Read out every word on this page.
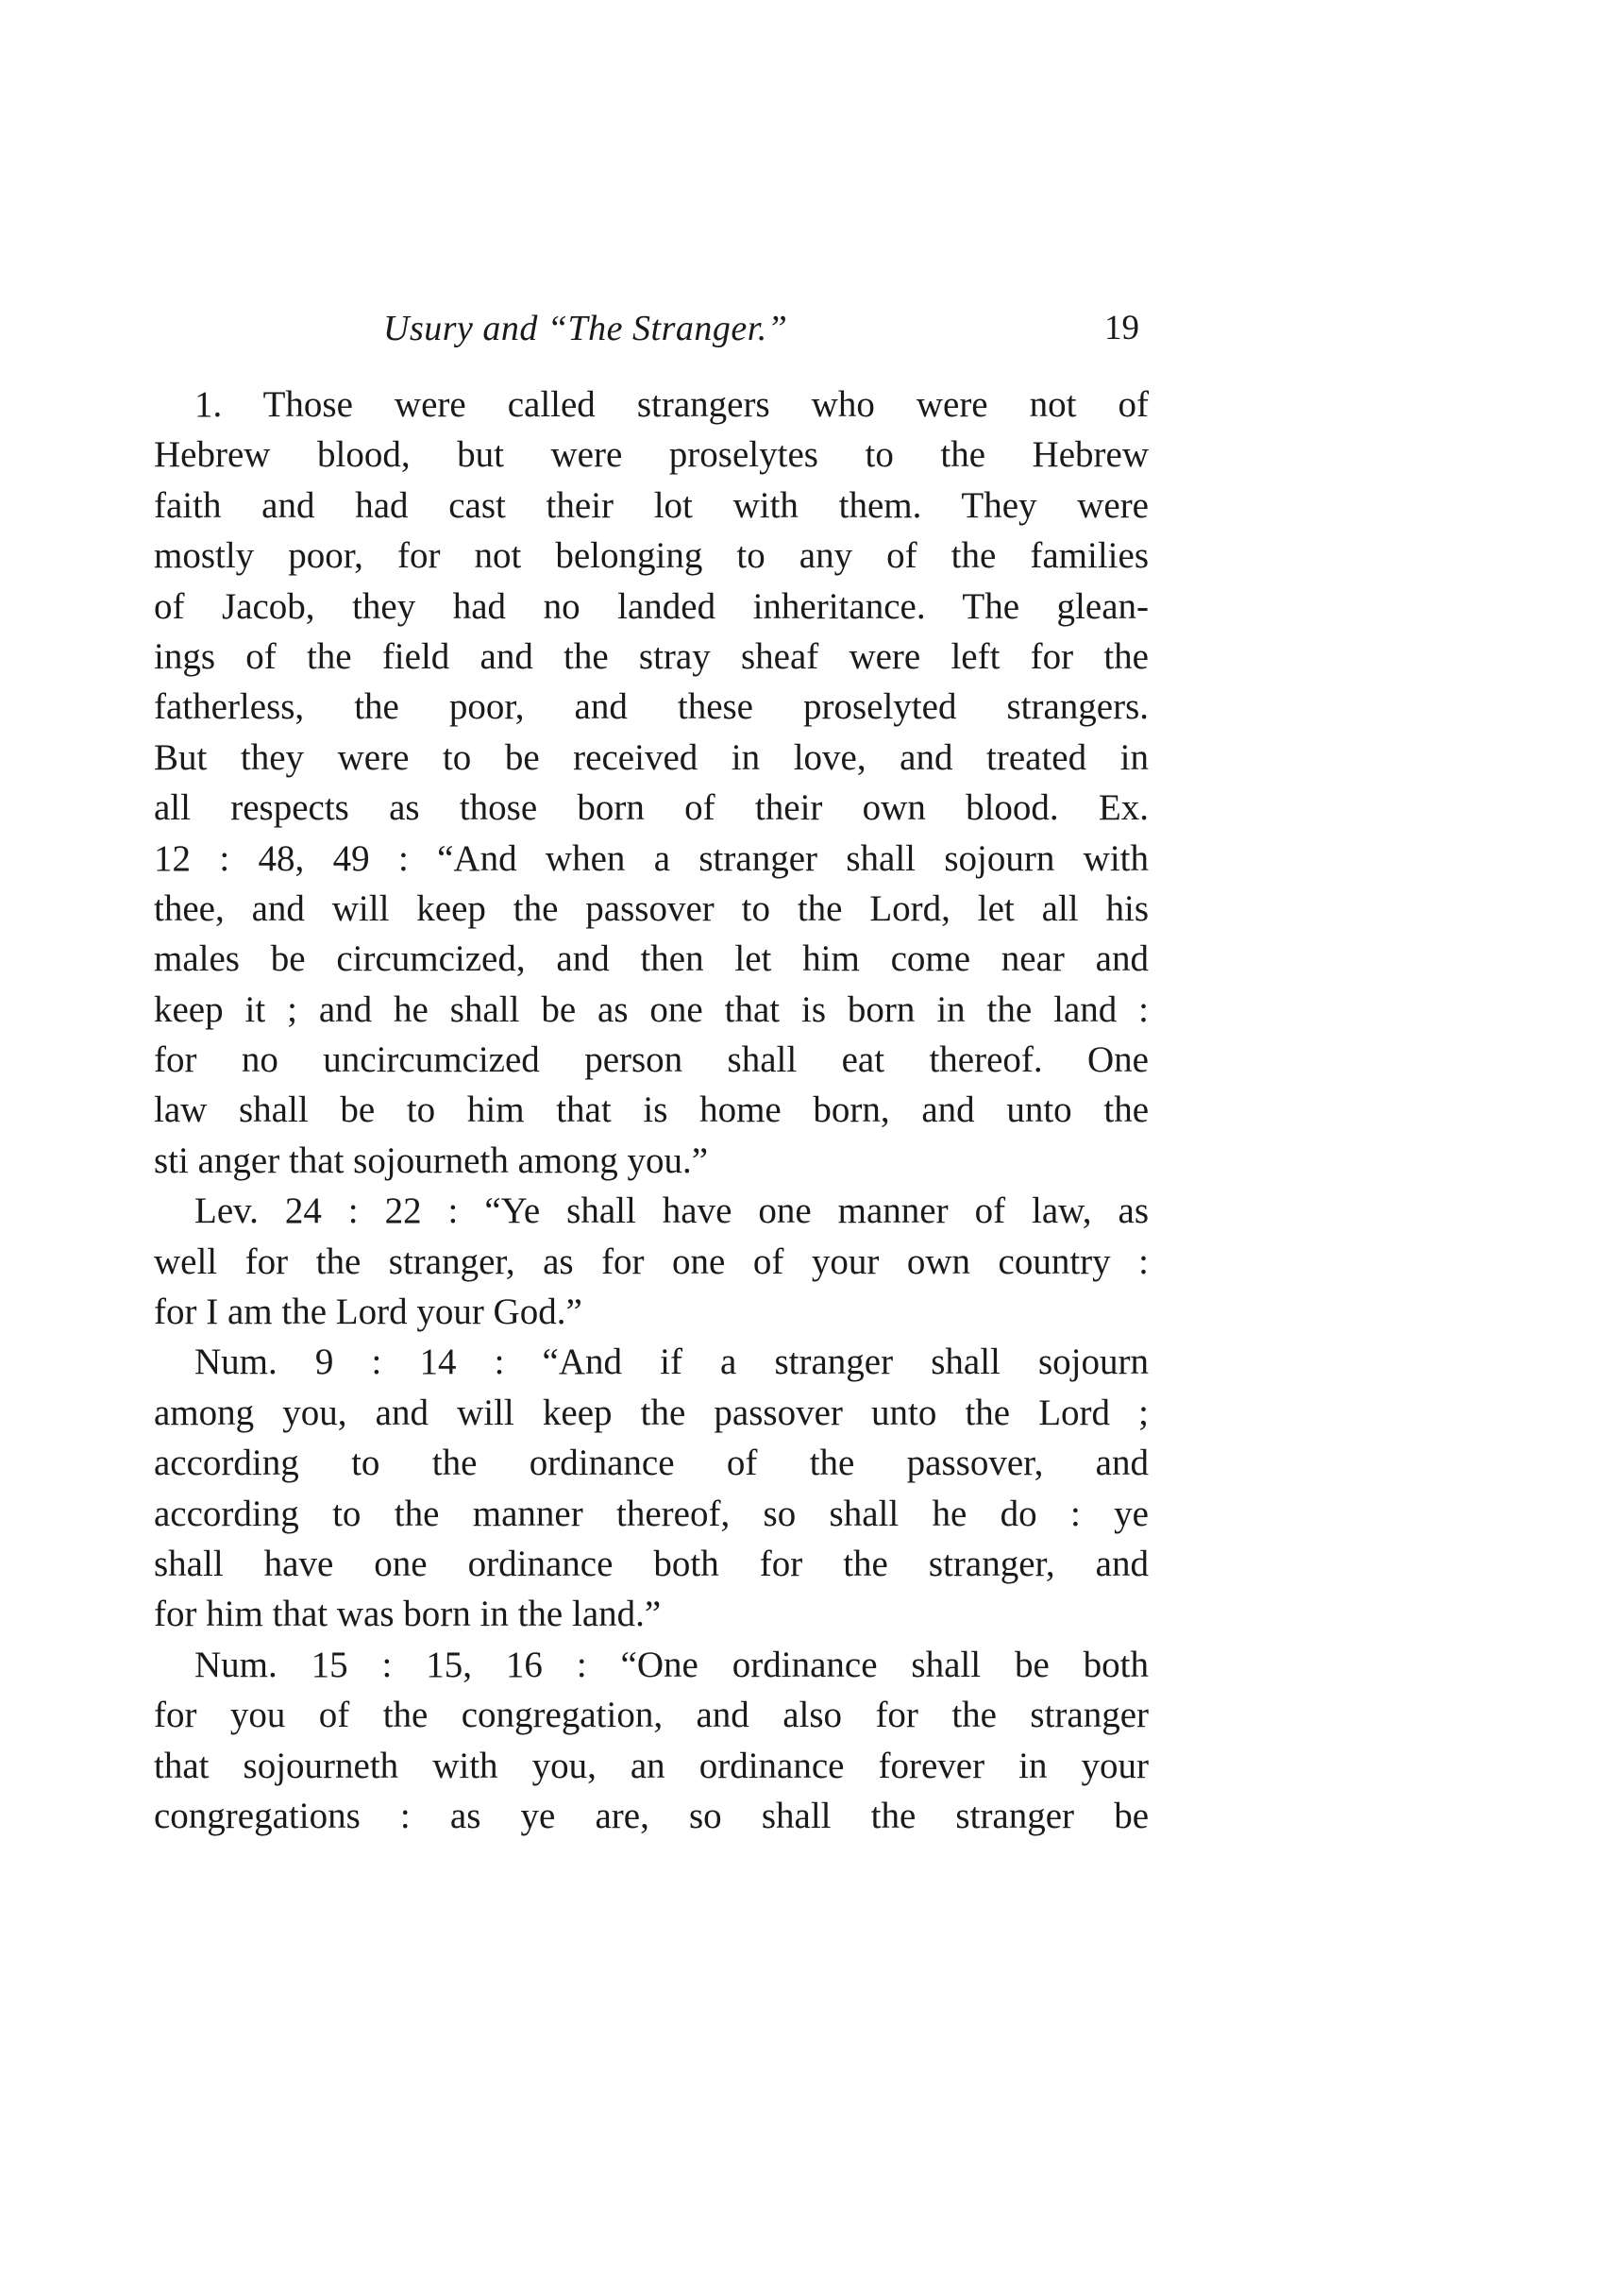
Usury and “The Stranger.”	19
1. Those were called strangers who were not of
Hebrew blood, but were proselytes to the Hebrew
faith and had cast their lot with them. They were
mostly poor, for not belonging to any of the families
of Jacob, they had no landed inheritance. The glean-
ings of the field and the stray sheaf were left for the
fatherless, the poor, and these proselyted strangers.
But they were to be received in love, and treated in
all respects as those born of their own blood. Ex.
12 : 48, 49 : “And when a stranger shall sojourn with
thee, and will keep the passover to the Lord, let all his
males be circumcized, and then let him come near and
keep it ; and he shall be as one that is born in the land :
for no uncircumcized person shall eat thereof. One
law shall be to him that is home born, and unto the
sti anger that sojourneth among you.”
Lev. 24 : 22 : “Ye shall have one manner of law, as
well for the stranger, as for one of your own country :
for I am the Lord your God.”
Num. 9 : 14 : “And if a stranger shall sojourn
among you, and will keep the passover unto the Lord ;
according to the ordinance of the passover, and
according to the manner thereof, so shall he do : ye
shall have one ordinance both for the stranger, and
for him that was born in the land.”
Num. 15 : 15, 16 : “One ordinance shall be both
for you of the congregation, and also for the stranger
that sojourneth with you, an ordinance forever in your
congregations : as ye are, so shall the stranger be
